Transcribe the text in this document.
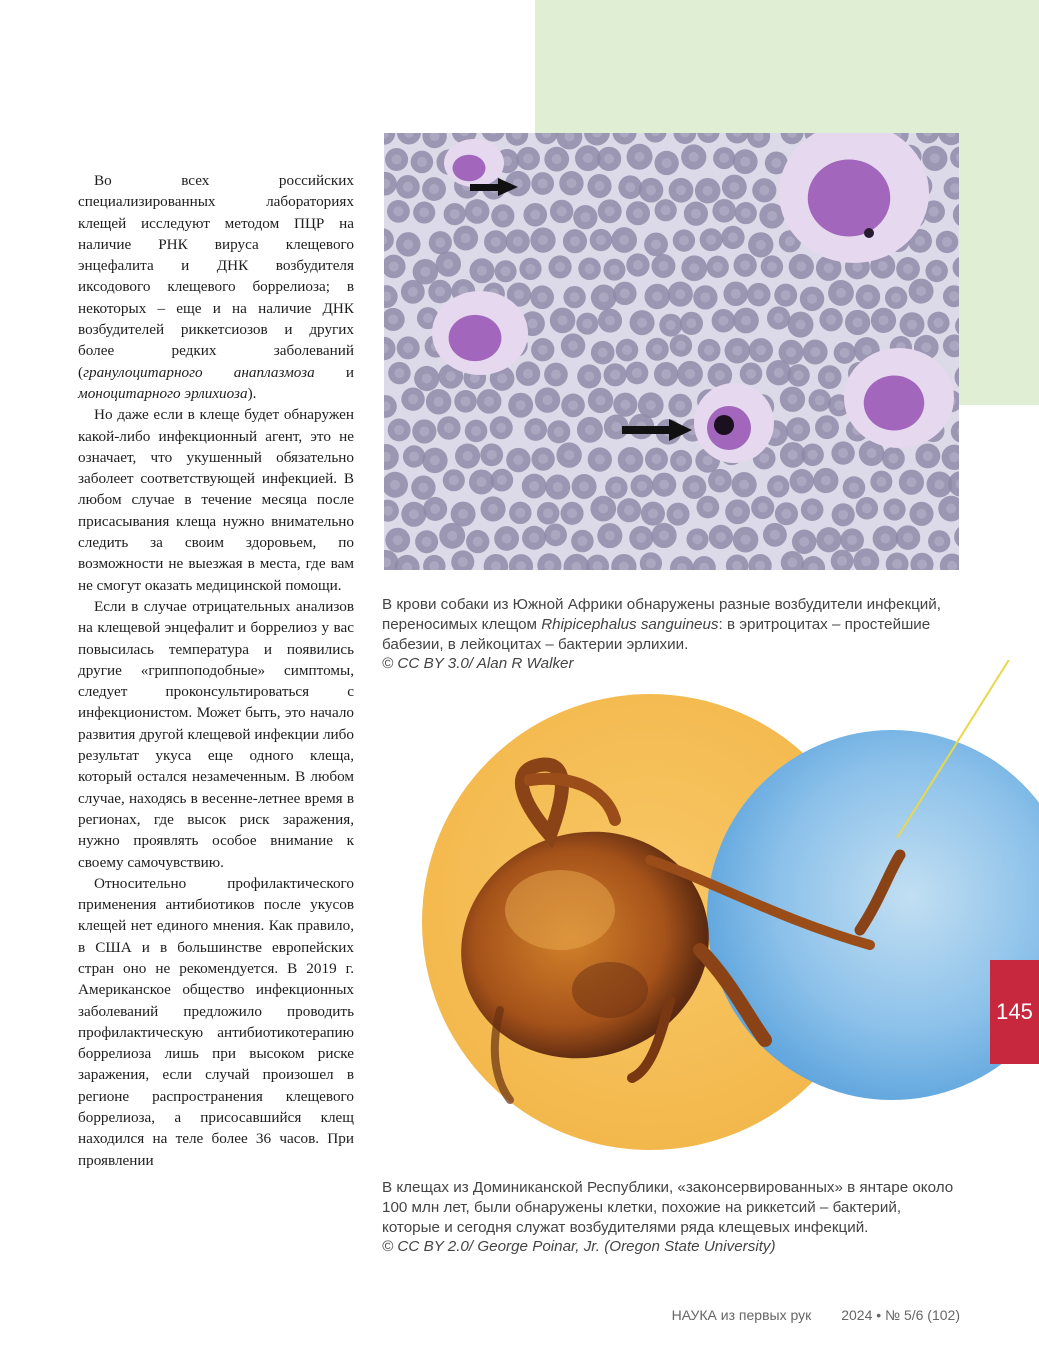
Во всех российских специализированных лабораториях клещей исследуют методом ПЦР на наличие РНК вируса клещевого энцефалита и ДНК возбудителя иксодового клещевого боррелиоза; в некоторых – еще и на наличие ДНК возбудителей риккетсиозов и других более редких заболеваний (гранулоцитарного анаплазмоза и моноцитарного эрлихиоза).

Но даже если в клеще будет обнаружен какой-либо инфекционный агент, это не означает, что укушенный обязательно заболеет соответствующей инфекцией. В любом случае в течение месяца после присасывания клеща нужно внимательно следить за своим здоровьем, по возможности не выезжая в места, где вам не смогут оказать медицинской помощи.

Если в случае отрицательных анализов на клещевой энцефалит и боррелиоз у вас повысилась температура и появились другие «гриппоподобные» симптомы, следует проконсультироваться с инфекционистом. Может быть, это начало развития другой клещевой инфекции либо результат укуса еще одного клеща, который остался незамеченным. В любом случае, находясь в весенне-летнее время в регионах, где высок риск заражения, нужно проявлять особое внимание к своему самочувствию.

Относительно профилактического применения антибиотиков после укусов клещей нет единого мнения. Как правило, в США и в большинстве европейских стран оно не рекомендуется. В 2019 г. Американское общество инфекционных заболеваний предложило проводить профилактическую антибиотикотерапию боррелиоза лишь при высоком риске заражения, если случай произошел в регионе распространения клещевого боррелиоза, а присосавшийся клещ находился на теле более 36 часов. При проявлении

В крови собаки из Южной Африки обнаружены разные возбудители инфекций, переносимых клещом Rhipicephalus sanguineus: в эритроцитах – простейшие бабезии, в лейкоцитах – бактерии эрлихии.
© CC BY 3.0/ Alan R Walker
В клещах из Доминиканской Республики, «законсервированных» в янтаре около 100 млн лет, были обнаружены клетки, похожие на риккетсий – бактерий, которые и сегодня служат возбудителями ряда клещевых инфекций.
© CC BY 2.0/ George Poinar, Jr. (Oregon State University)
145
НАУКА из первых рук 2024 • № 5/6 (102)
